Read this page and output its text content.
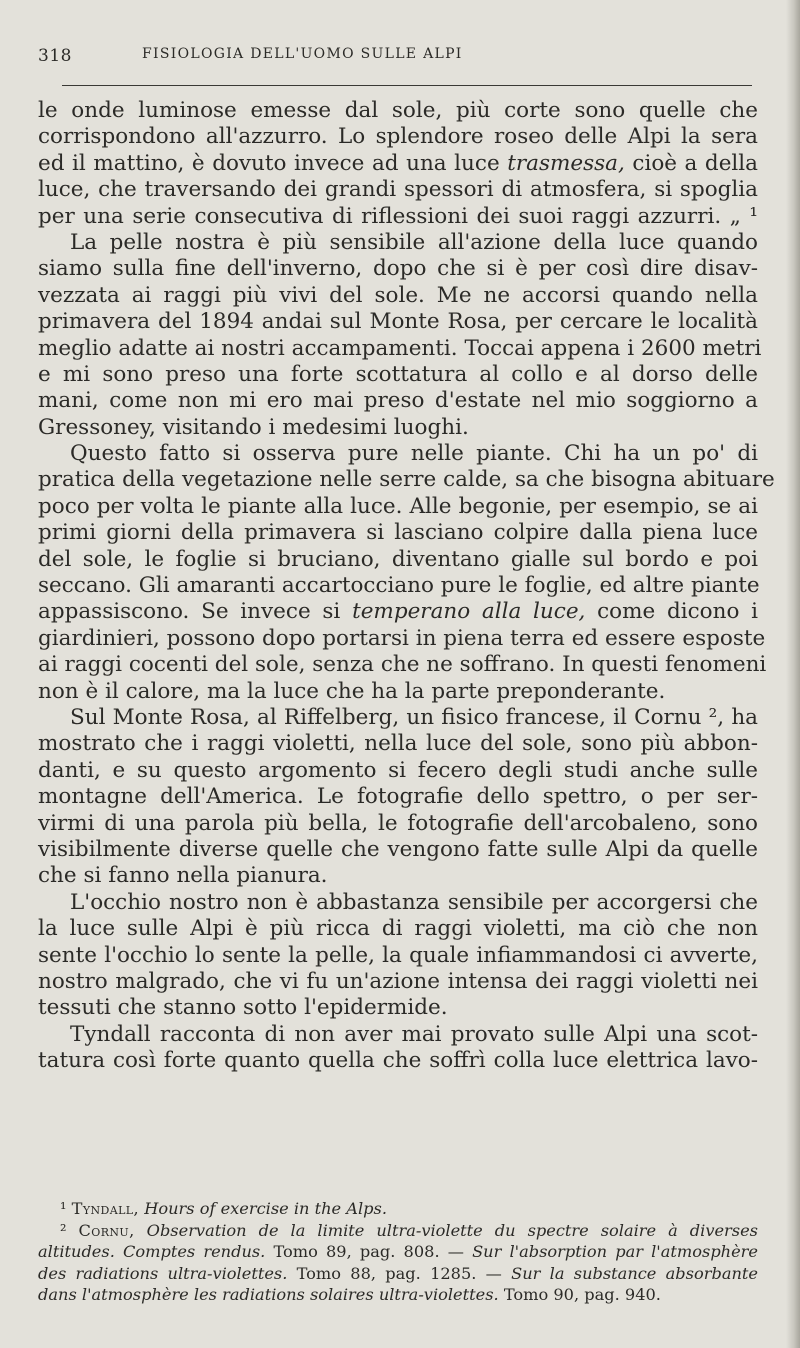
318	FISIOLOGIA DELL'UOMO SULLE ALPI
le onde luminose emesse dal sole, più corte sono quelle che
corrispondono all'azzurro. Lo splendore roseo delle Alpi la sera
ed il mattino, è dovuto invece ad una luce trasmessa, cioè a della
luce, che traversando dei grandi spessori di atmosfera, si spoglia
per una serie consecutiva di riflessioni dei suoi raggi azzurri. „ ¹
La pelle nostra è più sensibile all'azione della luce quando
siamo sulla fine dell'inverno, dopo che si è per così dire disav-
vezzata ai raggi più vivi del sole. Me ne accorsi quando nella
primavera del 1894 andai sul Monte Rosa, per cercare le località
meglio adatte ai nostri accampamenti. Toccai appena i 2600 metri
e mi sono preso una forte scottatura al collo e al dorso delle
mani, come non mi ero mai preso d'estate nel mio soggiorno a
Gressoney, visitando i medesimi luoghi.
Questo fatto si osserva pure nelle piante. Chi ha un po' di
pratica della vegetazione nelle serre calde, sa che bisogna abituare
poco per volta le piante alla luce. Alle begonie, per esempio, se ai
primi giorni della primavera si lasciano colpire dalla piena luce
del sole, le foglie si bruciano, diventano gialle sul bordo e poi
seccano. Gli amaranti accartocciano pure le foglie, ed altre piante
appassiscono. Se invece si temperano alla luce, come dicono i
giardinieri, possono dopo portarsi in piena terra ed essere esposte
ai raggi cocenti del sole, senza che ne soffrano. In questi fenomeni
non è il calore, ma la luce che ha la parte preponderante.
Sul Monte Rosa, al Riffelberg, un fisico francese, il Cornu ², ha
mostrato che i raggi violetti, nella luce del sole, sono più abbon-
danti, e su questo argomento si fecero degli studi anche sulle
montagne dell'America. Le fotografie dello spettro, o per ser-
virmi di una parola più bella, le fotografie dell'arcobaleno, sono
visibilmente diverse quelle che vengono fatte sulle Alpi da quelle
che si fanno nella pianura.
L'occhio nostro non è abbastanza sensibile per accorgersi che
la luce sulle Alpi è più ricca di raggi violetti, ma ciò che non
sente l'occhio lo sente la pelle, la quale infiammandosi ci avverte,
nostro malgrado, che vi fu un'azione intensa dei raggi violetti nei
tessuti che stanno sotto l'epidermide.
Tyndall racconta di non aver mai provato sulle Alpi una scot-
tatura così forte quanto quella che soffrì colla luce elettrica lavo-
¹ Tyndall, Hours of exercise in the Alps.
² Cornu, Observation de la limite ultra-violette du spectre solaire à diverses
altitudes. Comptes rendus. Tomo 89, pag. 808. — Sur l'absorption par l'atmosphère
des radiations ultra-violettes. Tomo 88, pag. 1285. — Sur la substance absorbante
dans l'atmosphère les radiations solaires ultra-violettes. Tomo 90, pag. 940.
